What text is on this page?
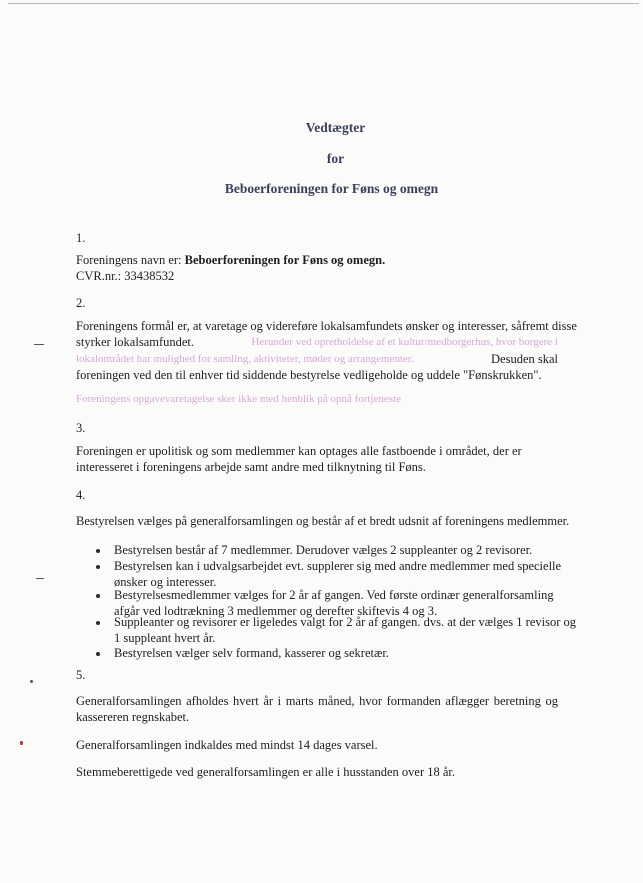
Vedtægter
for
Beboerforeningen for Føns og omegn
1.
Foreningens navn er: Beboerforeningen for Føns og omegn.
CVR.nr.: 33438532
2.
Foreningens formål er, at varetage og videreføre lokalsamfundets ønsker og interesser, såfremt disse
styrker lokalsamfundet.	Herunder ved opretholdelse af et kultur/medborgerhus, hvor borgere i
lokalområdet har mulighed for samling, aktiviteter, møder og arrangementer.	Desuden skal
foreningen ved den til enhver tid siddende bestyrelse vedligeholde og uddele "Fønskrukken".
Foreningens opgavevaretagelse sker ikke med henblik på opnå fortjeneste
3.
Foreningen er upolitisk og som medlemmer kan optages alle fastboende i området, der er
interesseret i foreningens arbejde samt andre med tilknytning til Føns.
4.
Bestyrelsen vælges på generalforsamlingen og består af et bredt udsnit af foreningens medlemmer.
Bestyrelsen består af 7 medlemmer. Derudover vælges 2 suppleanter og 2 revisorer.
Bestyrelsen kan i udvalgsarbejdet evt. supplerer sig med andre medlemmer med specielle
ønsker og interesser.
Bestyrelsesmedlemmer vælges for 2 år af gangen. Ved første ordinær generalforsamling
afgår ved lodtrækning 3 medlemmer og derefter skiftevis 4 og 3.
Suppleanter og revisorer er ligeledes valgt for 2 år af gangen. dvs. at der vælges 1 revisor og
1 suppleant hvert år.
Bestyrelsen vælger selv formand, kasserer og sekretær.
5.
Generalforsamlingen afholdes hvert år i marts måned, hvor formanden aflægger beretning og
kassereren regnskabet.
Generalforsamlingen indkaldes med mindst 14 dages varsel.
Stemmeberettigede ved generalforsamlingen er alle i husstanden over 18 år.
